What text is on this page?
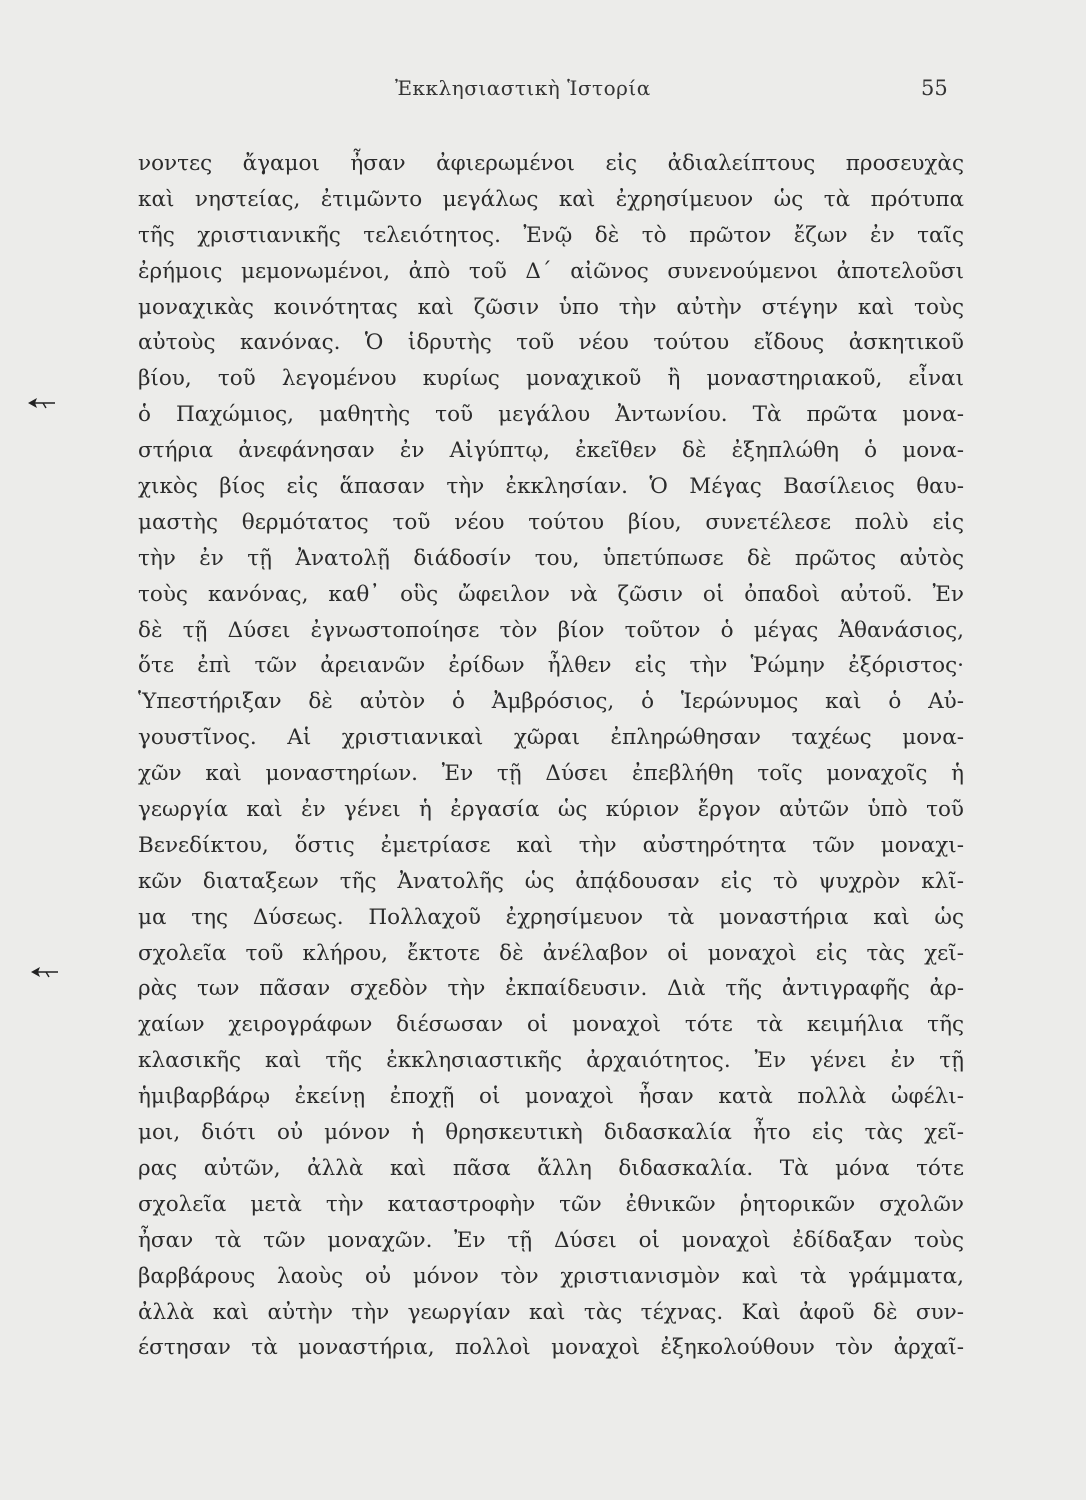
Ἐκκλησιαστικὴ Ἱστορία	55
νοντες ἄγαμοι ἦσαν ἀφιερωμένοι εἰς ἀδιαλείπτους προσευχὰς
καὶ νηστείας, ἐτιμῶντο μεγάλως καὶ ἐχρησίμευον ὡς τὰ πρότυπα
τῆς χριστιανικῆς τελειότητος. Ἐνῷ δὲ τὸ πρῶτον ἔζων ἐν ταῖς
ἐρήμοις μεμονωμένοι, ἀπὸ τοῦ Δ΄ αἰῶνος συνενούμενοι ἀποτελοῦσι
μοναχικὰς κοινότητας καὶ ζῶσιν ὑπο τὴν αὐτὴν στέγην καὶ τοὺς
αὐτοὺς κανόνας. Ὁ ἱδρυτὴς τοῦ νέου τούτου εἴδους ἀσκητικοῦ
βίου, τοῦ λεγομένου κυρίως μοναχικοῦ ἢ μοναστηριακοῦ, εἶναι
ὁ Παχώμιος, μαθητὴς τοῦ μεγάλου Ἀντωνίου. Τὰ πρῶτα μονα-
στήρια ἀνεφάνησαν ἐν Αἰγύπτῳ, ἐκεῖθεν δὲ ἐξηπλώθη ὁ μονα-
χικὸς βίος εἰς ἅπασαν τὴν ἐκκλησίαν. Ὁ Μέγας Βασίλειος θαυ-
μαστὴς θερμότατος τοῦ νέου τούτου βίου, συνετέλεσε πολὺ εἰς
τὴν ἐν τῇ Ἀνατολῇ διάδοσίν του, ὑπετύπωσε δὲ πρῶτος αὐτὸς
τοὺς κανόνας, καθ᾽ οὓς ὤφειλον νὰ ζῶσιν οἱ ὀπαδοὶ αὐτοῦ. Ἐν
δὲ τῇ Δύσει ἐγνωστοποίησε τὸν βίον τοῦτον ὁ μέγας Ἀθανάσιος,
ὅτε ἐπὶ τῶν ἀρειανῶν ἐρίδων ἦλθεν εἰς τὴν Ῥώμην ἐξόριστος·
Ὑπεστήριξαν δὲ αὐτὸν ὁ Ἀμβρόσιος, ὁ Ἱερώνυμος καὶ ὁ Αὐ-
γουστῖνος. Αἱ χριστιανικαὶ χῶραι ἐπληρώθησαν ταχέως μονα-
χῶν καὶ μοναστηρίων. Ἐν τῇ Δύσει ἐπεβλήθη τοῖς μοναχοῖς ἡ
γεωργία καὶ ἐν γένει ἡ ἐργασία ὡς κύριον ἔργον αὐτῶν ὑπὸ τοῦ
Βενεδίκτου, ὅστις ἐμετρίασε καὶ τὴν αὐστηρότητα τῶν μοναχι-
κῶν διαταξεων τῆς Ἀνατολῆς ὡς ἀπᾴδουσαν εἰς τὸ ψυχρὸν κλῖ-
μα της Δύσεως. Πολλαχοῦ ἐχρησίμευον τὰ μοναστήρια καὶ ὡς
σχολεῖα τοῦ κλήρου, ἔκτοτε δὲ ἀνέλαβον οἱ μοναχοὶ εἰς τὰς χεῖ-
ρὰς των πᾶσαν σχεδὸν τὴν ἐκπαίδευσιν. Διὰ τῆς ἀντιγραφῆς ἀρ-
χαίων χειρογράφων διέσωσαν οἱ μοναχοὶ τότε τὰ κειμήλια τῆς
κλασικῆς καὶ τῆς ἐκκλησιαστικῆς ἀρχαιότητος. Ἐν γένει ἐν τῇ
ἡμιβαρβάρῳ ἐκείνῃ ἐποχῇ οἱ μοναχοὶ ἦσαν κατὰ πολλὰ ὠφέλι-
μοι, διότι οὐ μόνον ἡ θρησκευτικὴ διδασκαλία ἦτο εἰς τὰς χεῖ-
ρας αὐτῶν, ἀλλὰ καὶ πᾶσα ἄλλη διδασκαλία. Τὰ μόνα τότε
σχολεῖα μετὰ τὴν καταστροφὴν τῶν ἐθνικῶν ῥητορικῶν σχολῶν
ἦσαν τὰ τῶν μοναχῶν. Ἐν τῇ Δύσει οἱ μοναχοὶ ἐδίδαξαν τοὺς
βαρβάρους λαοὺς οὐ μόνον τὸν χριστιανισμὸν καὶ τὰ γράμματα,
ἀλλὰ καὶ αὐτὴν τὴν γεωργίαν καὶ τὰς τέχνας. Καὶ ἀφοῦ δὲ συν-
έστησαν τὰ μοναστήρια, πολλοὶ μοναχοὶ ἐξηκολούθουν τὸν ἀρχαῖ-
